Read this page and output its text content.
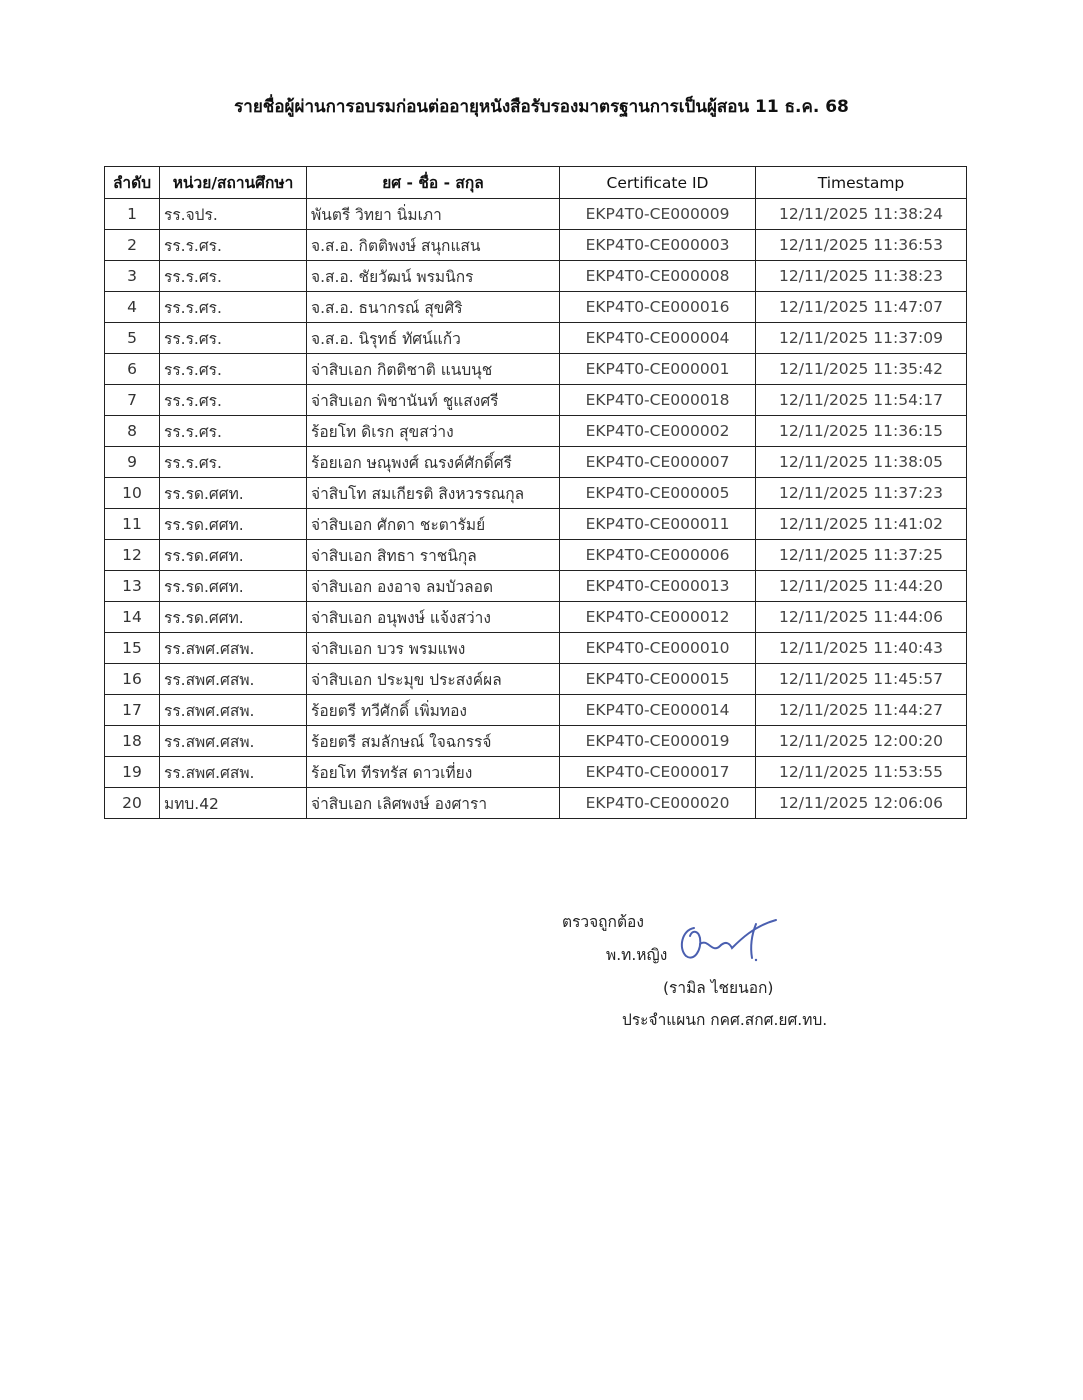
รายชื่อผู้ผ่านการอบรมก่อนต่ออายุหนังสือรับรองมาตรฐานการเป็นผู้สอน 11 ธ.ค. 68
ลำดับ	หน่วย/สถานศึกษา	ยศ - ชื่อ - สกุล	Certificate ID	Timestamp
1	รร.จปร.	พันตรี วิทยา นิ่มเภา	EKP4T0-CE000009	12/11/2025 11:38:24
2	รร.ร.ศร.	จ.ส.อ. กิตติพงษ์ สนุกแสน	EKP4T0-CE000003	12/11/2025 11:36:53
3	รร.ร.ศร.	จ.ส.อ. ชัยวัฒน์ พรมนิกร	EKP4T0-CE000008	12/11/2025 11:38:23
4	รร.ร.ศร.	จ.ส.อ. ธนากรณ์ สุขศิริ	EKP4T0-CE000016	12/11/2025 11:47:07
5	รร.ร.ศร.	จ.ส.อ. นิรุทธ์ ทัศน์แก้ว	EKP4T0-CE000004	12/11/2025 11:37:09
6	รร.ร.ศร.	จ่าสิบเอก กิตติชาติ แนบนุช	EKP4T0-CE000001	12/11/2025 11:35:42
7	รร.ร.ศร.	จ่าสิบเอก พิชานันท์ ชูแสงศรี	EKP4T0-CE000018	12/11/2025 11:54:17
8	รร.ร.ศร.	ร้อยโท ดิเรก สุขสว่าง	EKP4T0-CE000002	12/11/2025 11:36:15
9	รร.ร.ศร.	ร้อยเอก ษณุพงศ์ ณรงค์ศักดิ์ศรี	EKP4T0-CE000007	12/11/2025 11:38:05
10	รร.รด.ศศท.	จ่าสิบโท สมเกียรติ สิงหวรรณกุล	EKP4T0-CE000005	12/11/2025 11:37:23
11	รร.รด.ศศท.	จ่าสิบเอก ศักดา ชะตารัมย์	EKP4T0-CE000011	12/11/2025 11:41:02
12	รร.รด.ศศท.	จ่าสิบเอก สิทธา ราชนิกุล	EKP4T0-CE000006	12/11/2025 11:37:25
13	รร.รด.ศศท.	จ่าสิบเอก องอาจ ลมบัวลอด	EKP4T0-CE000013	12/11/2025 11:44:20
14	รร.รด.ศศท.	จ่าสิบเอก อนุพงษ์ แจ้งสว่าง	EKP4T0-CE000012	12/11/2025 11:44:06
15	รร.สพศ.ศสพ.	จ่าสิบเอก บวร พรมแพง	EKP4T0-CE000010	12/11/2025 11:40:43
16	รร.สพศ.ศสพ.	จ่าสิบเอก ประมุข ประสงค์ผล	EKP4T0-CE000015	12/11/2025 11:45:57
17	รร.สพศ.ศสพ.	ร้อยตรี ทวีศักดิ์ เพิ่มทอง	EKP4T0-CE000014	12/11/2025 11:44:27
18	รร.สพศ.ศสพ.	ร้อยตรี สมลักษณ์ ใจฉกรรจ์	EKP4T0-CE000019	12/11/2025 12:00:20
19	รร.สพศ.ศสพ.	ร้อยโท ทีรทรัส ดาวเที่ยง	EKP4T0-CE000017	12/11/2025 11:53:55
20	มทบ.42	จ่าสิบเอก เลิศพงษ์ องศารา	EKP4T0-CE000020	12/11/2025 12:06:06
ตรวจถูกต้อง
พ.ท.หญิง
(รามิล ไชยนอก)
ประจำแผนก กคศ.สกศ.ยศ.ทบ.
